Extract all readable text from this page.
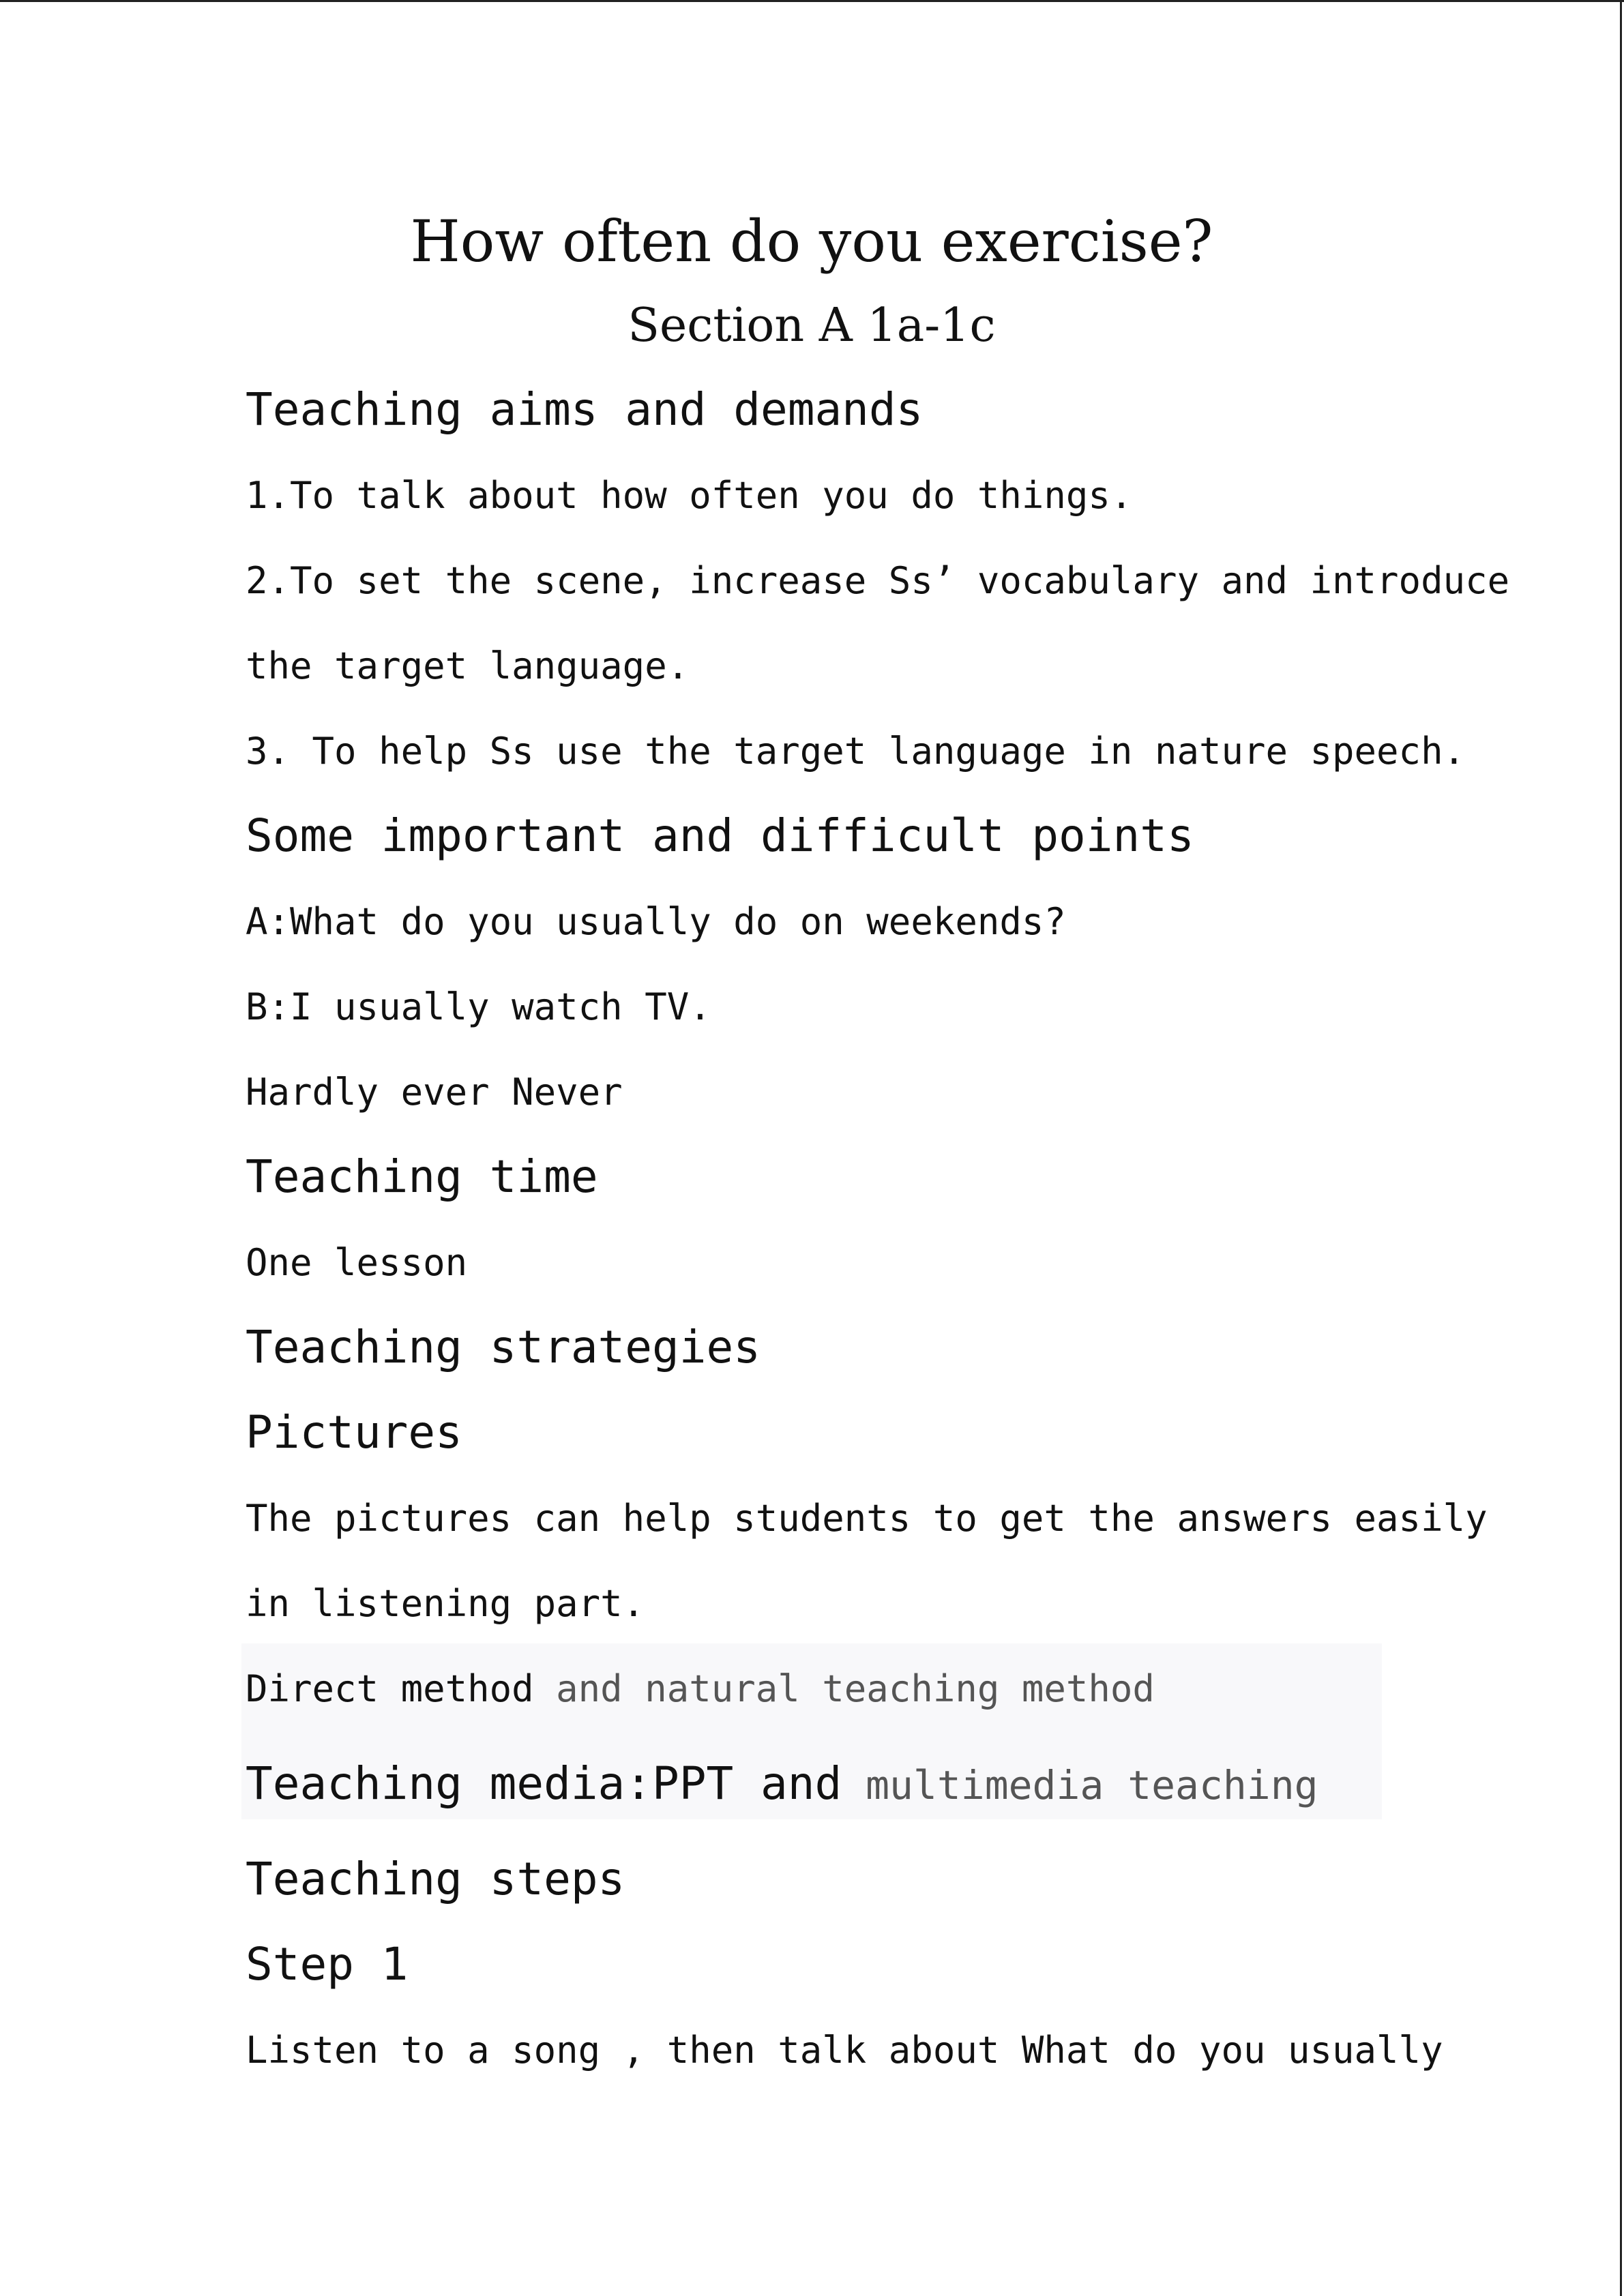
How often do you exercise?
Section A 1a-1c
Teaching aims and demands
1.To talk about how often you do things.
2.To set the scene, increase Ss’ vocabulary and introduce
the target language.
3. To help Ss use the target language in nature speech.
Some important and difficult points
A:What do you usually do on weekends?
B:I usually watch TV.
Hardly ever Never
Teaching time
One lesson
Teaching strategies
Pictures
The pictures can help students to get the answers easily
in listening part.
Direct method and natural teaching method
Teaching media:PPT and multimedia teaching
Teaching steps
Step 1
Listen to a song , then talk about What do you usually
